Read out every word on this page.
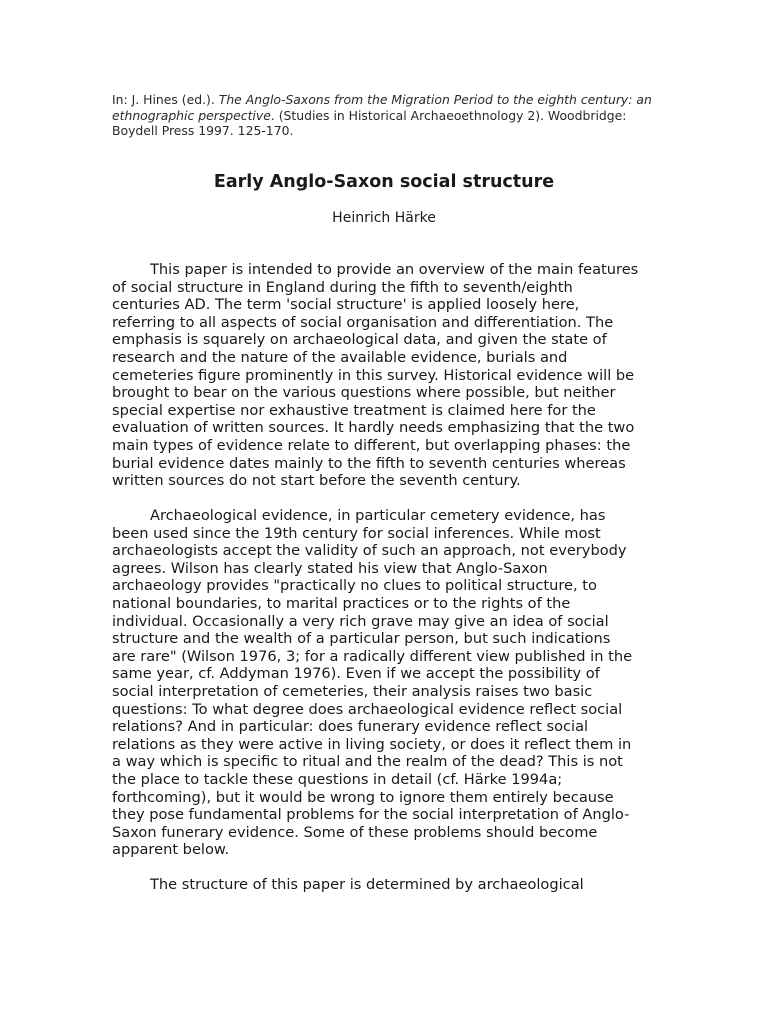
In: J. Hines (ed.). The Anglo-Saxons from the Migration Period to the eighth century: an ethnographic perspective. (Studies in Historical Archaeoethnology 2). Woodbridge: Boydell Press 1997. 125-170.
Early Anglo-Saxon social structure
Heinrich Härke
This paper is intended to provide an overview of the main features
of social structure in England during the fifth to seventh/eighth
centuries AD. The term 'social structure' is applied loosely here,
referring to all aspects of social organisation and differentiation. The
emphasis is squarely on archaeological data, and given the state of
research and the nature of the available evidence, burials and
cemeteries figure prominently in this survey. Historical evidence will be
brought to bear on the various questions where possible, but neither
special expertise nor exhaustive treatment is claimed here for the
evaluation of written sources. It hardly needs emphasizing that the two
main types of evidence relate to different, but overlapping phases: the
burial evidence dates mainly to the fifth to seventh centuries whereas
written sources do not start before the seventh century.
Archaeological evidence, in particular cemetery evidence, has
been used since the 19th century for social inferences. While most
archaeologists accept the validity of such an approach, not everybody
agrees. Wilson has clearly stated his view that Anglo-Saxon
archaeology provides "practically no clues to political structure, to
national boundaries, to marital practices or to the rights of the
individual. Occasionally a very rich grave may give an idea of social
structure and the wealth of a particular person, but such indications
are rare" (Wilson 1976, 3; for a radically different view published in the
same year, cf. Addyman 1976). Even if we accept the possibility of
social interpretation of cemeteries, their analysis raises two basic
questions: To what degree does archaeological evidence reflect social
relations? And in particular: does funerary evidence reflect social
relations as they were active in living society, or does it reflect them in
a way which is specific to ritual and the realm of the dead? This is not
the place to tackle these questions in detail (cf. Härke 1994a;
forthcoming), but it would be wrong to ignore them entirely because
they pose fundamental problems for the social interpretation of Anglo-
Saxon funerary evidence. Some of these problems should become
apparent below.
The structure of this paper is determined by archaeological
